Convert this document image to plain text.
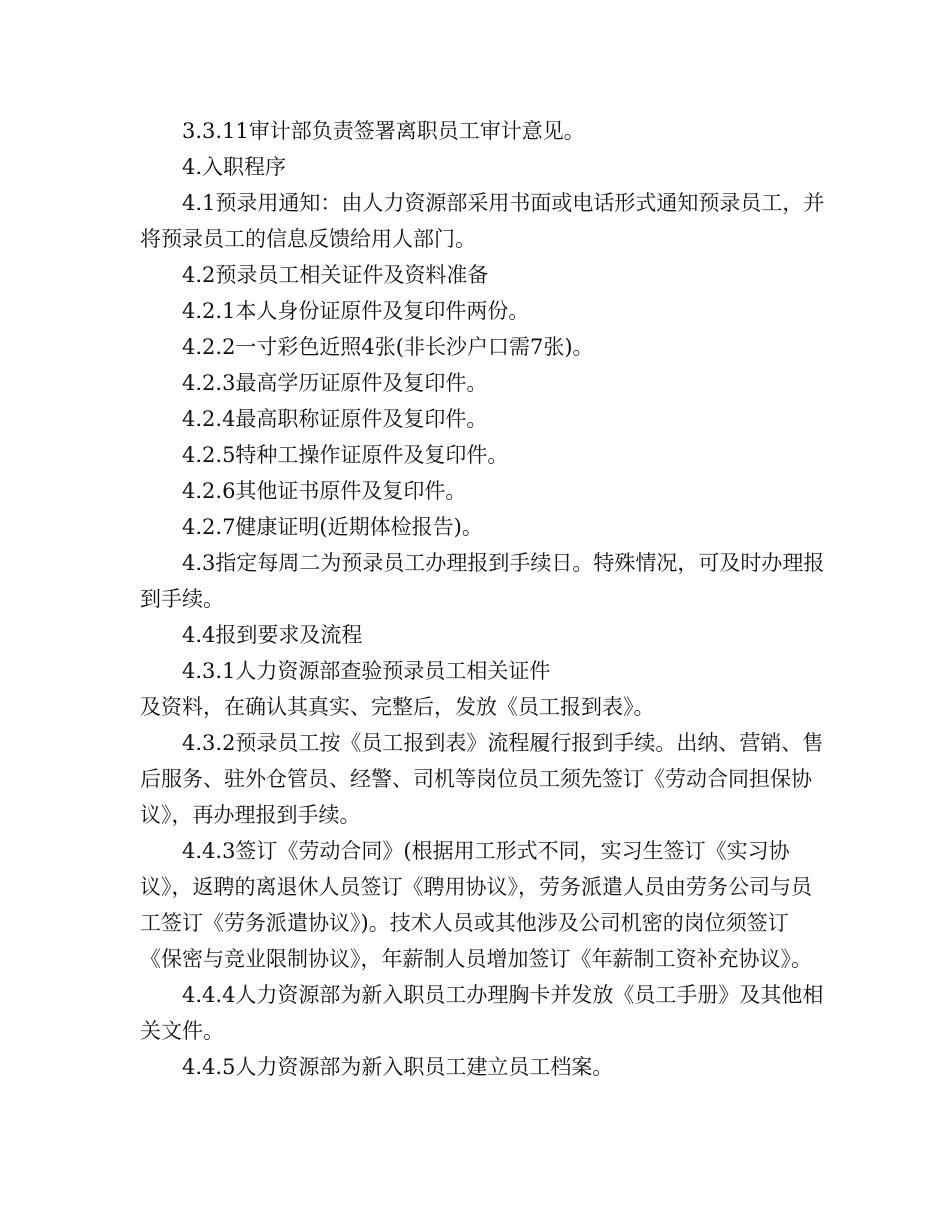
3.3.11审计部负责签署离职员工审计意见。

4.入职程序

4.1预录用通知：由人力资源部采用书面或电话形式通知预录员工，并将预录员工的信息反馈给用人部门。

4.2预录员工相关证件及资料准备

4.2.1本人身份证原件及复印件两份。

4.2.2一寸彩色近照4张(非长沙户口需7张)。

4.2.3最高学历证原件及复印件。

4.2.4最高职称证原件及复印件。

4.2.5特种工操作证原件及复印件。

4.2.6其他证书原件及复印件。

4.2.7健康证明(近期体检报告)。

4.3指定每周二为预录员工办理报到手续日。特殊情况，可及时办理报到手续。

4.4报到要求及流程

4.3.1人力资源部查验预录员工相关证件

及资料，在确认其真实、完整后，发放《员工报到表》。

4.3.2预录员工按《员工报到表》流程履行报到手续。出纳、营销、售后服务、驻外仓管员、经警、司机等岗位员工须先签订《劳动合同担保协议》，再办理报到手续。

4.4.3签订《劳动合同》(根据用工形式不同，实习生签订《实习协议》，返聘的离退休人员签订《聘用协议》，劳务派遣人员由劳务公司与员工签订《劳务派遣协议》)。技术人员或其他涉及公司机密的岗位须签订《保密与竞业限制协议》，年薪制人员增加签订《年薪制工资补充协议》。

4.4.4人力资源部为新入职员工办理胸卡并发放《员工手册》及其他相关文件。

4.4.5人力资源部为新入职员工建立员工档案。
